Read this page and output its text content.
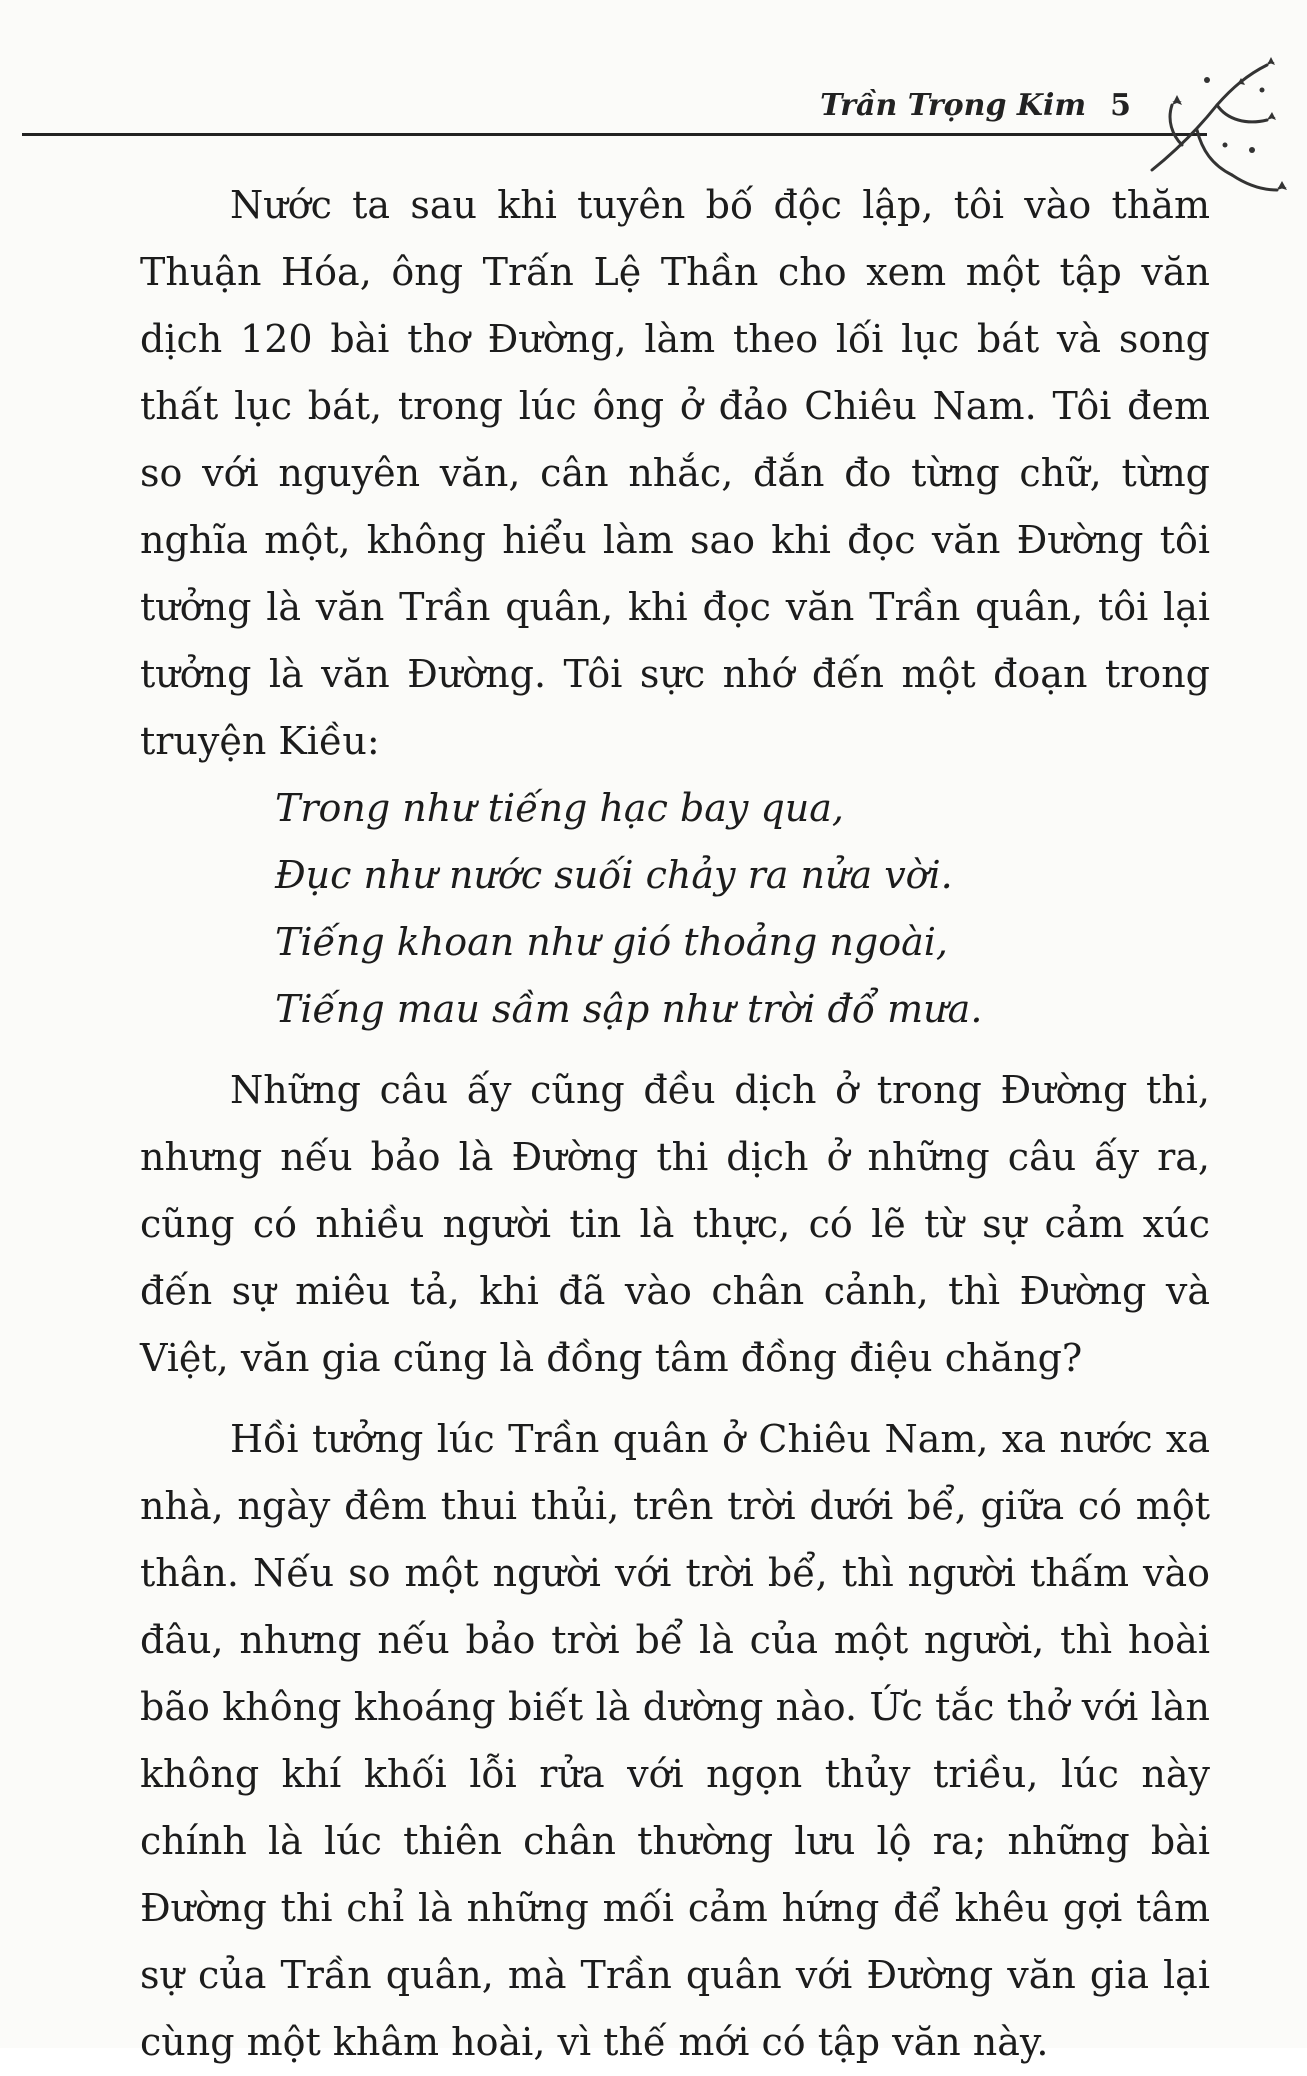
Trần Trọng Kim 5

Nước ta sau khi tuyên bố độc lập, tôi vào thăm Thuận Hóa, ông Trấn Lệ Thần cho xem một tập văn dịch 120 bài thơ Đường, làm theo lối lục bát và song thất lục bát, trong lúc ông ở đảo Chiêu Nam. Tôi đem so với nguyên văn, cân nhắc, đắn đo từng chữ, từng nghĩa một, không hiểu làm sao khi đọc văn Đường tôi tưởng là văn Trần quân, khi đọc văn Trần quân, tôi lại tưởng là văn Đường. Tôi sực nhớ đến một đoạn trong truyện Kiều:

Trong như tiếng hạc bay qua,
Đục như nước suối chảy ra nửa vời.
Tiếng khoan như gió thoảng ngoài,
Tiếng mau sầm sập như trời đổ mưa.

Những câu ấy cũng đều dịch ở trong Đường thi, nhưng nếu bảo là Đường thi dịch ở những câu ấy ra, cũng có nhiều người tin là thực, có lẽ từ sự cảm xúc đến sự miêu tả, khi đã vào chân cảnh, thì Đường và Việt, văn gia cũng là đồng tâm đồng điệu chăng?

Hồi tưởng lúc Trần quân ở Chiêu Nam, xa nước xa nhà, ngày đêm thui thủi, trên trời dưới bể, giữa có một thân. Nếu so một người với trời bể, thì người thấm vào đâu, nhưng nếu bảo trời bể là của một người, thì hoài bão không khoáng biết là dường nào. Ức tắc thở với làn không khí khối lỗi rửa với ngọn thủy triều, lúc này chính là lúc thiên chân thường lưu lộ ra; những bài Đường thi chỉ là những mối cảm hứng để khêu gợi tâm sự của Trần quân, mà Trần quân với Đường văn gia lại cùng một khâm hoài, vì thế mới có tập văn này.
